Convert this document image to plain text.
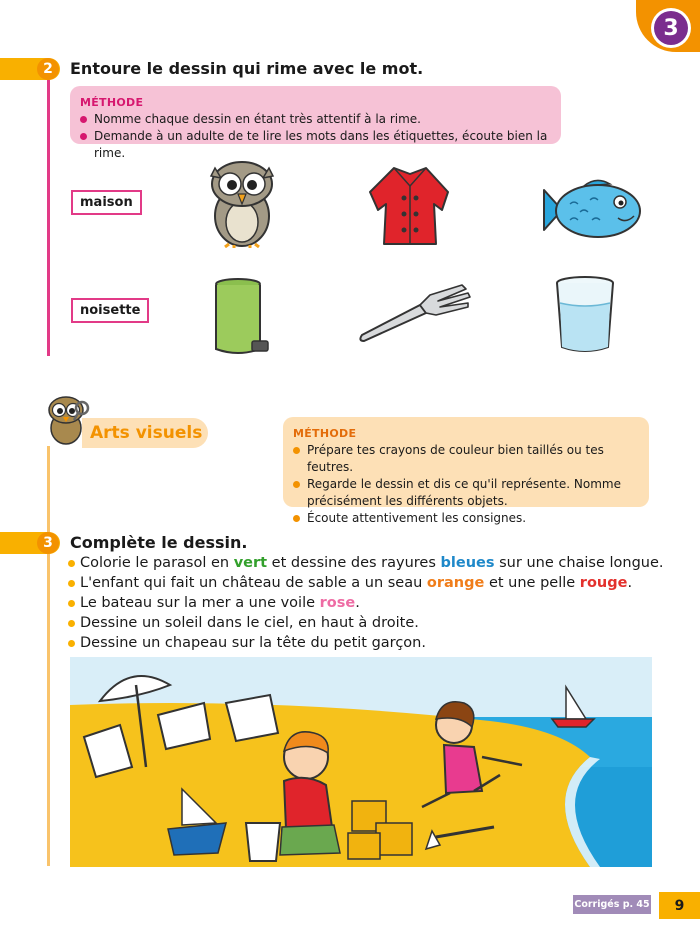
3
2	Entoure le dessin qui rime avec le mot.
MÉTHODE
Nomme chaque dessin en étant très attentif à la rime.
Demande à un adulte de te lire les mots dans les étiquettes, écoute bien la rime.
maison
noisette
Arts visuels	MÉTHODE
Prépare tes crayons de couleur bien taillés ou tes feutres.
Regarde le dessin et dis ce qu'il représente. Nomme précisément les différents objets.
Écoute attentivement les consignes.
3	Complète le dessin.
Colorie le parasol en vert et dessine des rayures bleues sur une chaise longue.
L'enfant qui fait un château de sable a un seau orange et une pelle rouge.
Le bateau sur la mer a une voile rose.
Dessine un soleil dans le ciel, en haut à droite.
Dessine un chapeau sur la tête du petit garçon.
Corrigés p. 45	9
